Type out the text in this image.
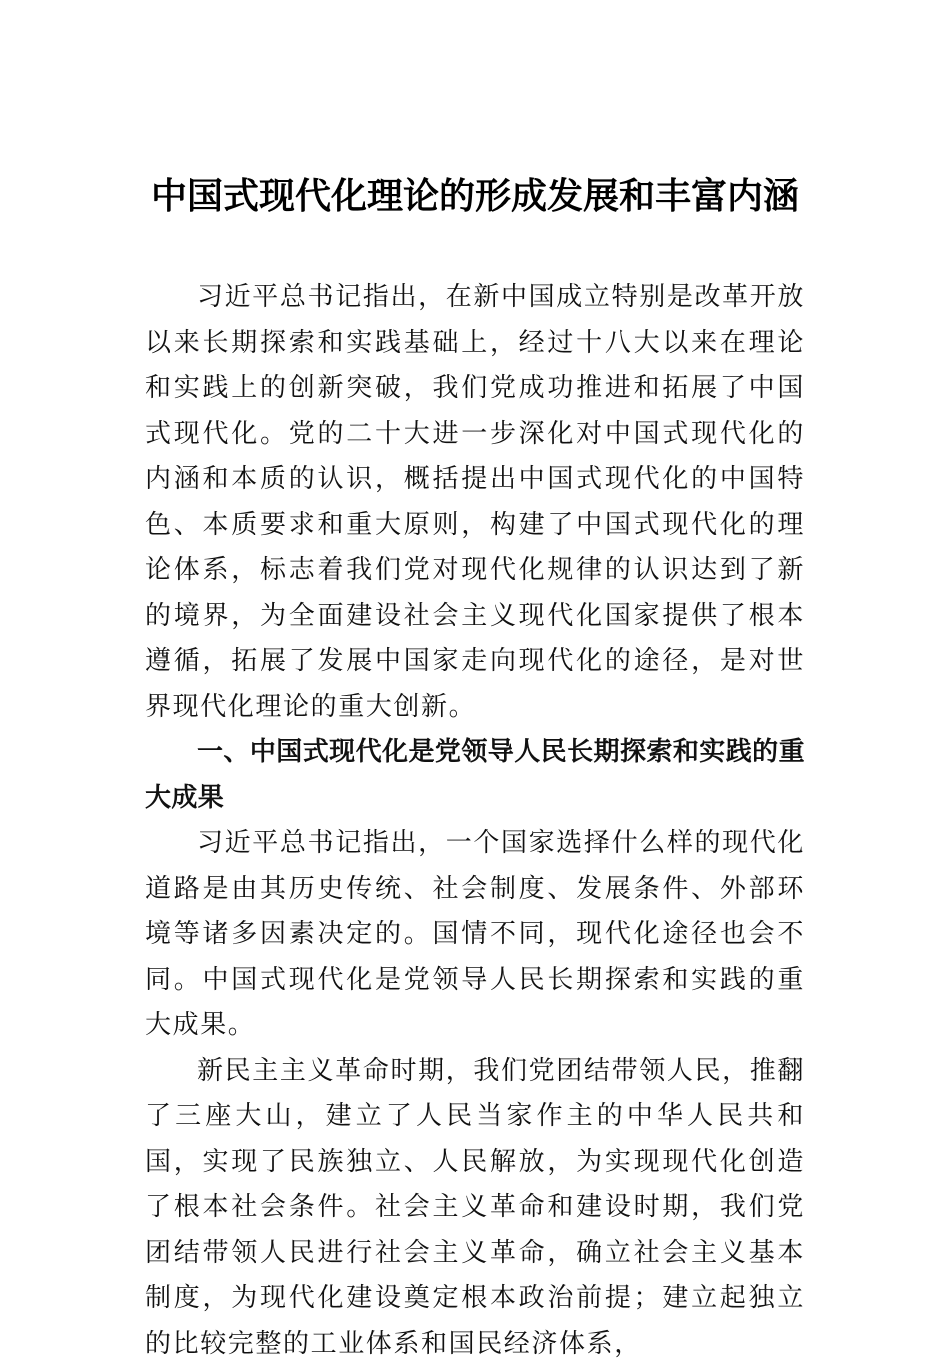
中国式现代化理论的形成发展和丰富内涵

习近平总书记指出，在新中国成立特别是改革开放以来长期探索和实践基础上，经过十八大以来在理论和实践上的创新突破，我们党成功推进和拓展了中国式现代化。党的二十大进一步深化对中国式现代化的内涵和本质的认识，概括提出中国式现代化的中国特色、本质要求和重大原则，构建了中国式现代化的理论体系，标志着我们党对现代化规律的认识达到了新的境界，为全面建设社会主义现代化国家提供了根本遵循，拓展了发展中国家走向现代化的途径，是对世界现代化理论的重大创新。

一、中国式现代化是党领导人民长期探索和实践的重大成果

习近平总书记指出，一个国家选择什么样的现代化道路是由其历史传统、社会制度、发展条件、外部环境等诸多因素决定的。国情不同，现代化途径也会不同。中国式现代化是党领导人民长期探索和实践的重大成果。

新民主主义革命时期，我们党团结带领人民，推翻了三座大山，建立了人民当家作主的中华人民共和国，实现了民族独立、人民解放，为实现现代化创造了根本社会条件。社会主义革命和建设时期，我们党团结带领人民进行社会主义革命，确立社会主义基本制度，为现代化建设奠定根本政治前提；建立起独立的比较完整的工业体系和国民经济体系，
